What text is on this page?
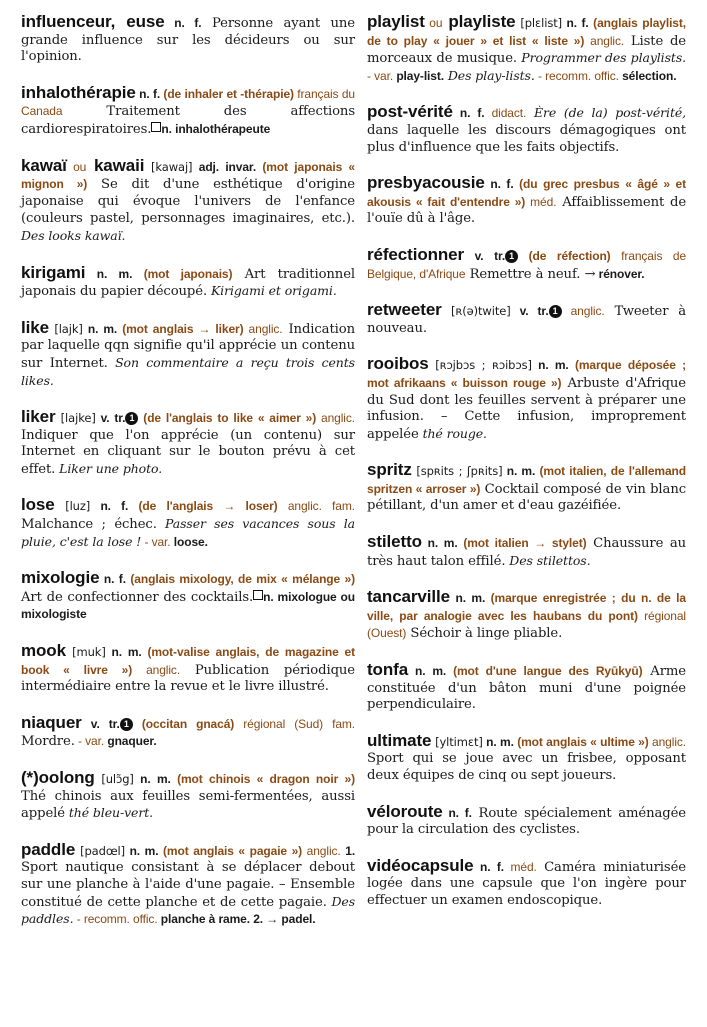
influenceur, euse n. f. Personne ayant une grande influence sur les décideurs ou sur l'opinion.

inhalothérapie n. f. (de inhaler et -thérapie) français du Canada	Traitement des affections cardiorespiratoires. n. inhalothérapeute

kawaï ou kawaii [kawaj] adj. invar. (mot japonais « mignon ») Se dit d'une esthétique d'origine japonaise qui évoque l'univers de l'enfance (couleurs pastel, personnages imaginaires, etc.).Des looks kawaï.

kirigami n. m. (mot japonais) Art traditionnel japonais du papier découpé. Kirigami et origami.

like [lajk] n. m. (mot anglais → liker) anglic. Indication par laquelle qqn signifie qu'il apprécie un contenu sur Internet. Son commentaire a reçu trois cents likes.

liker [lajke] v. tr. 1 (de l'anglais to like « aimer ») anglic.Indiquer que l'on apprécie (un contenu) sur Internet en cliquant sur le bouton prévu à cet effet. Liker une photo.

lose [luz] n. f. (de l'anglais → loser) anglic. fam.Malchance ; échec. Passer ses vacances sous la pluie, c'est la lose ! - var. loose.

mixologie n. f. (anglais mixology, de mix « mélange »)Art de confectionner des cocktails. n. mixologue ou mixologiste

mook [muk] n. m. (mot-valise anglais, de magazine et book « livre ») anglic. Publication périodique intermédiaire entre la revue et le livre illustré.

niaquer v. tr. 1 (occitan gnacá) régional (Sud) fam.Mordre. - var. gnaquer.

(*)oolong [ulɔ̃g] n. m. (mot chinois « dragon noir »)Thé chinois aux feuilles semi-fermentées, aussi appelé thé bleu-vert.

paddle [padœl] n. m. (mot anglais « pagaie ») anglic. 1.Sport nautique consistant à se déplacer debout sur une planche à l'aide d'une pagaie. – Ensemble constitué de cette planche et de cette pagaie. Des paddles. - recomm. offic. planche à rame. 2. → padel.

playlist ou playliste [plɛlist] n. f. (anglais playlist, de to play « jouer » et list « liste ») anglic. Liste de morceaux de musique. Programmer des playlists.- var. play-list. Des play-lists. - recomm. offic. sélection.

post-vérité n. f. didact. Ère (de la) post-vérité,dans laquelle les discours démagogiques ont plus d'influence que les faits objectifs.

presbyacousie n. f. (du grec presbus « âgé » et akousis « fait d'entendre ») méd. Affaiblissement de l'ouïe dû à l'âge.

réfectionner v. tr. 1 (de réfection) français de Belgique, d'Afrique Remettre à neuf. → rénover.

retweeter [ʀ(ə)twite] v. tr. 1 anglic. Tweeter à nouveau.

rooibos [ʀɔjbɔs ; ʀɔibɔs] n. m. (marque déposée ; mot afrikaans « buisson rouge ») Arbuste d'Afrique du Sud dont les feuilles servent à préparer une infusion. – Cette infusion, improprement appelée thé rouge.

spritz [spʀits ; ʃpʀits] n. m. (mot italien, de l'allemand spritzen « arroser ») Cocktail composé de vin blanc pétillant, d'un amer et d'eau gazéifiée.

stiletto n. m. (mot italien → stylet) Chaussure au très haut talon effilé. Des stilettos.

tancarville n. m. (marque enregistrée ; du n. de la ville, par analogie avec les haubans du pont) régional (Ouest) Séchoir à linge pliable.

tonfa n. m. (mot d'une langue des Ryūkyū) Arme constituée d'un bâton muni d'une poignée perpendiculaire.

ultimate [yltimɛt] n. m. (mot anglais « ultime ») anglic.Sport qui se joue avec un frisbee, opposant deux équipes de cinq ou sept joueurs.

véloroute n. f. Route spécialement aménagée pour la circulation des cyclistes.

vidéocapsule n. f. méd. Caméra miniaturisée logée dans une capsule que l'on ingère pour effectuer un examen endoscopique.
